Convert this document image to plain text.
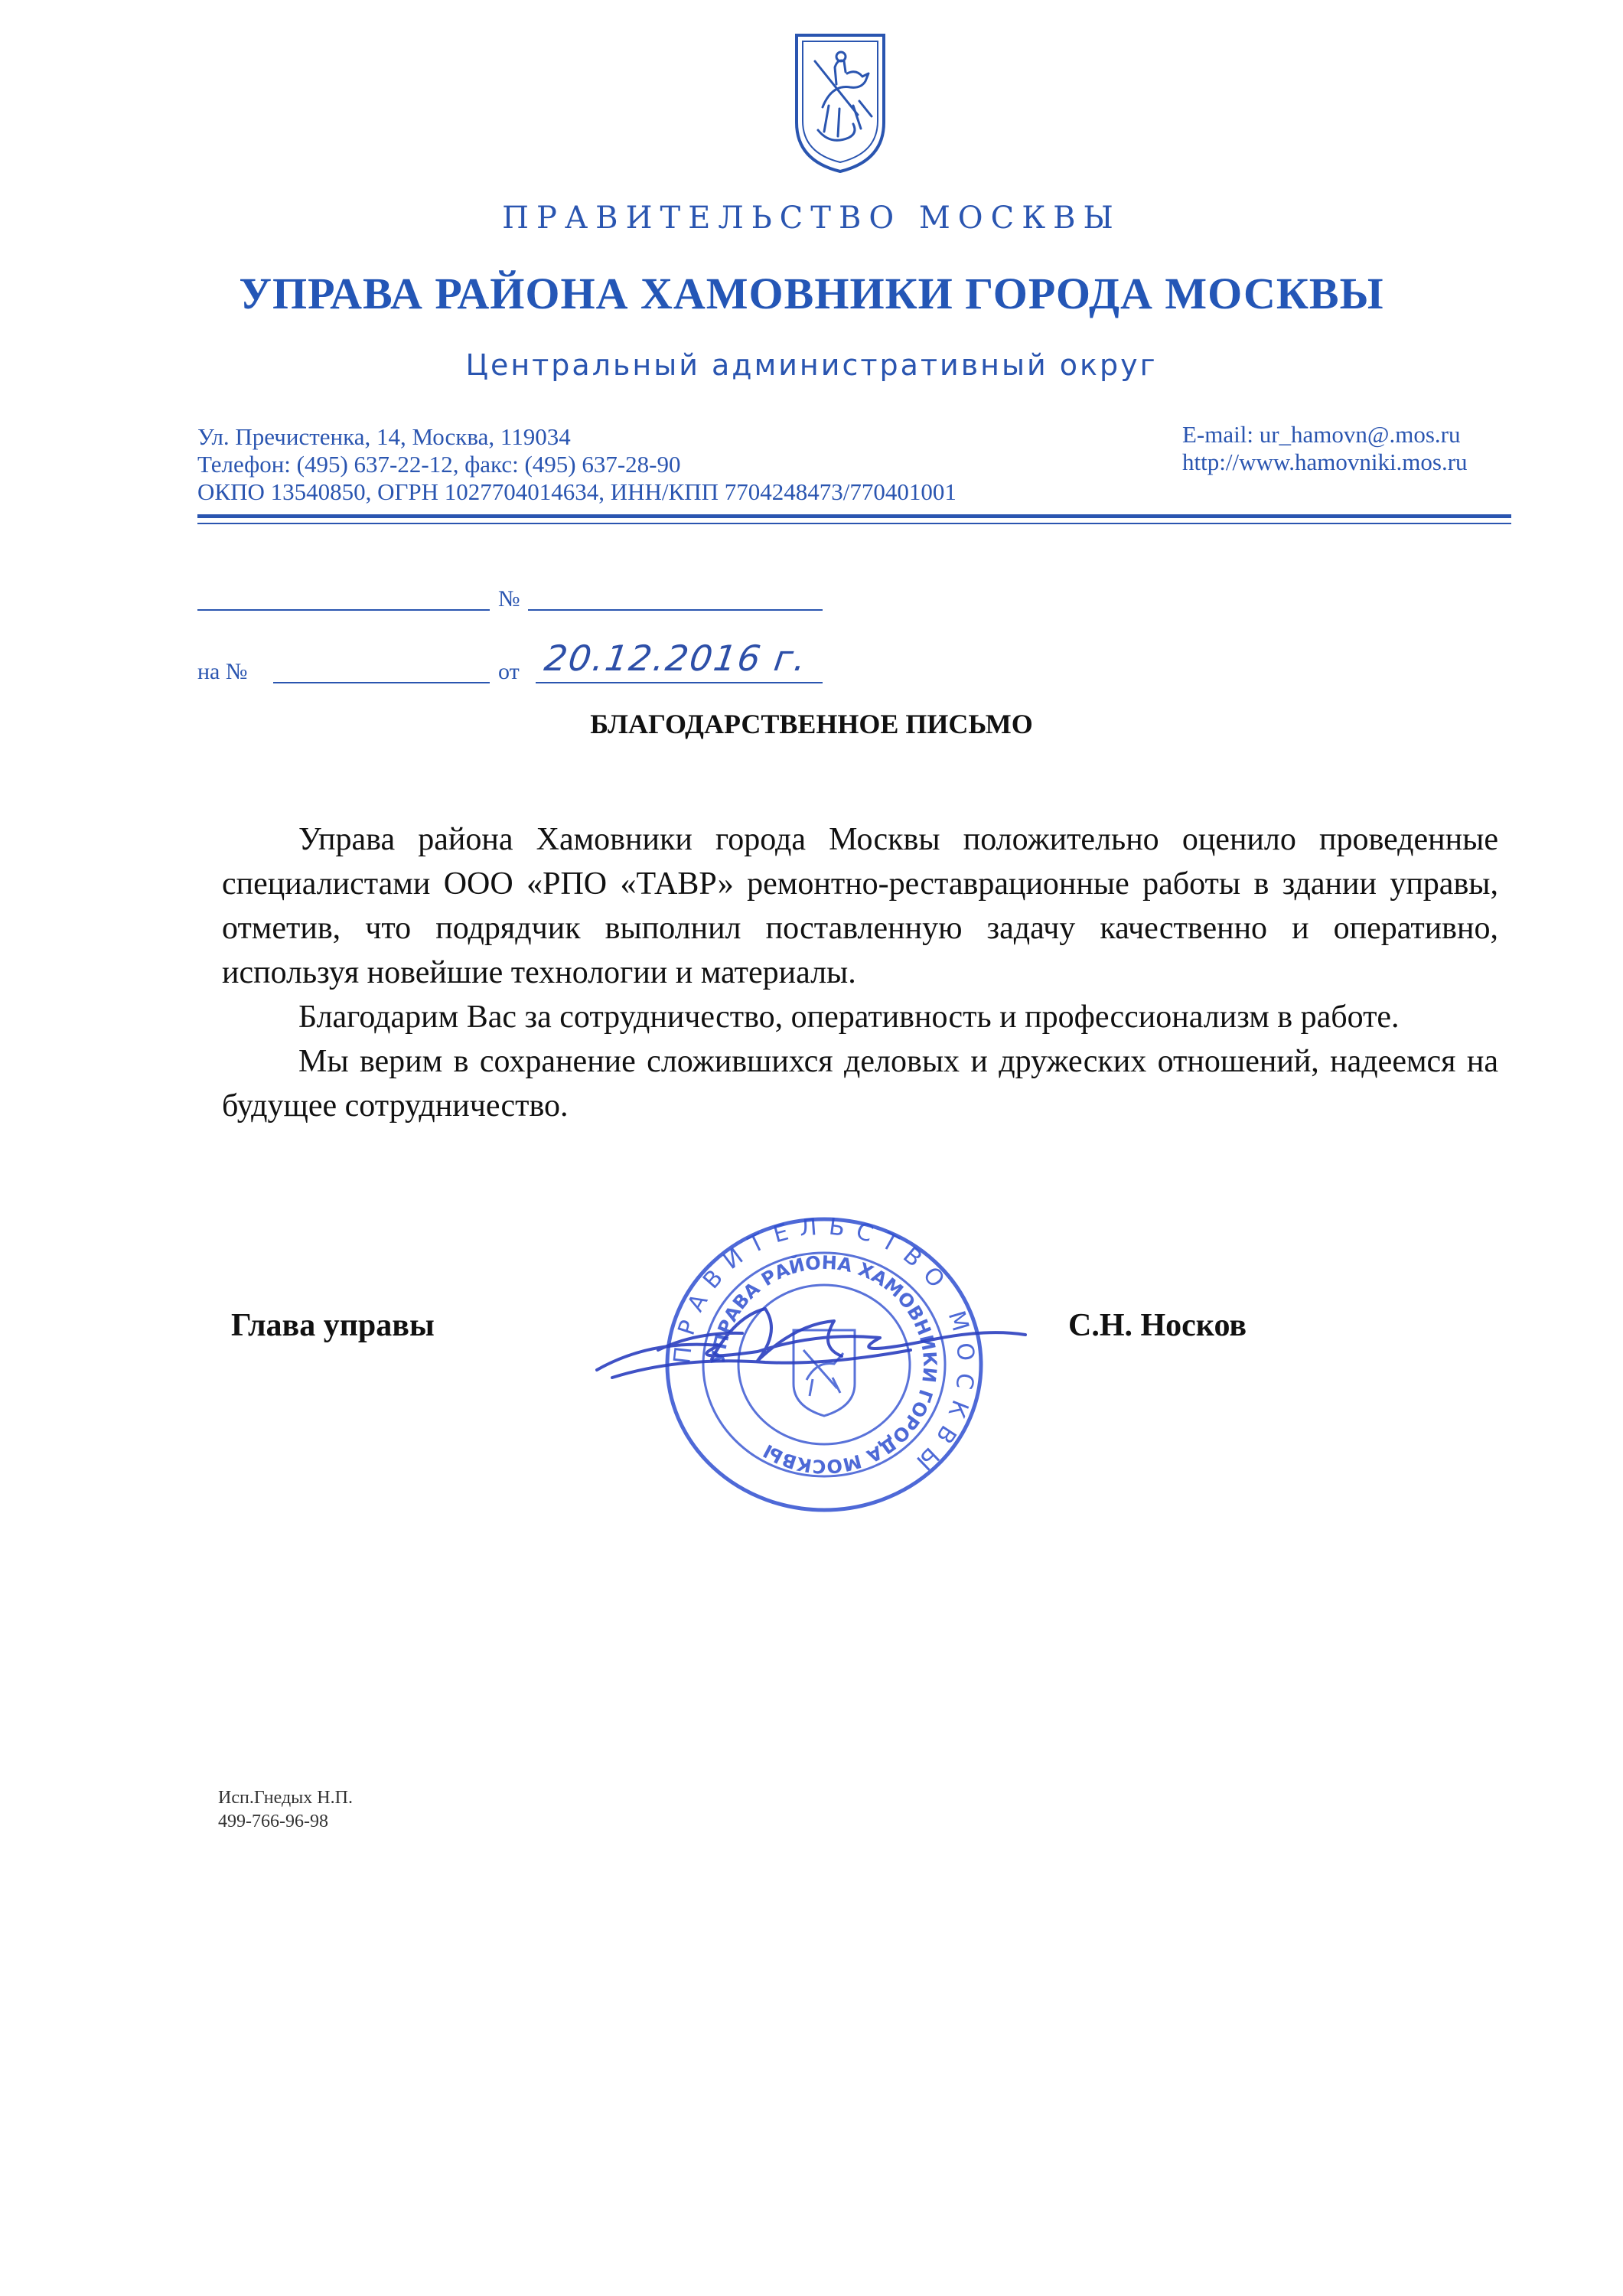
ПРАВИТЕЛЬСТВО МОСКВЫ
УПРАВА РАЙОНА ХАМОВНИКИ ГОРОДА МОСКВЫ
Центральный административный округ
Ул. Пречистенка, 14, Москва, 119034
Телефон: (495) 637-22-12, факс: (495) 637-28-90
ОКПО 13540850, ОГРН 1027704014634, ИНН/КПП 7704248473/770401001
E-mail: ur_hamovn@.mos.ru
http://www.hamovniki.mos.ru
№
на №	от 20.12.2016 г.
БЛАГОДАРСТВЕННОЕ ПИСЬМО

Управа района Хамовники города Москвы положительно оценило проведенные специалистами ООО «РПО «ТАВР» ремонтно-реставрационные работы в здании управы, отметив, что подрядчик выполнил поставленную задачу качественно и оперативно, используя новейшие технологии и материалы.

Благодарим Вас за сотрудничество, оперативность и профессионализм в работе.

Мы верим в сохранение сложившихся деловых и дружеских отношений, надеемся на будущее сотрудничество.

ПРАВИТЕЛЬСТВО МОСКВЫ
УПРАВА РАЙОНА ХАМОВНИКИ ГОРОДА МОСКВЫ
Глава управы	С.Н. Носков
Исп.Гнедых Н.П.
499-766-96-98
